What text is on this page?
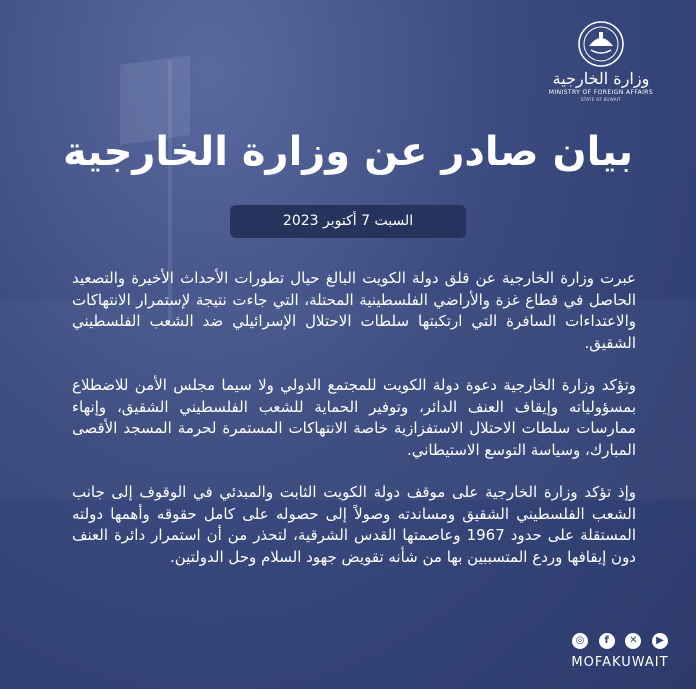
وزارة الخارجية
MINISTRY OF FOREIGN AFFAIRS
STATE OF KUWAIT
بيان صادر عن وزارة الخارجية
السبت 7 أكتوبر 2023

عبرت وزارة الخارجية عن قلق دولة الكويت البالغ حيال تطورات الأحداث الأخيرة والتصعيد الحاصل في قطاع غزة والأراضي الفلسطينية المحتلة، التي جاءت نتيجة لإستمرار الانتهاكات والاعتداءات السافرة التي ارتكبتها سلطات الاحتلال الإسرائيلي ضد الشعب الفلسطيني الشقيق.

وتؤكد وزارة الخارجية دعوة دولة الكويت للمجتمع الدولي ولا سيما مجلس الأمن للاضطلاع بمسؤولياته وإيقاف العنف الدائر، وتوفير الحماية للشعب الفلسطيني الشقيق، وإنهاء ممارسات سلطات الاحتلال الاستفزازية خاصة الانتهاكات المستمرة لحرمة المسجد الأقصى المبارك، وسياسة التوسع الاستيطاني.

وإذ تؤكد وزارة الخارجية على موقف دولة الكويت الثابت والمبدئي في الوقوف إلى جانب الشعب الفلسطيني الشقيق ومساندته وصولاً إلى حصوله على كامل حقوقه وأهمها دولته المستقلة على حدود 1967 وعاصمتها القدس الشرقية، لتحذر من أن استمرار دائرة العنف دون إيقافها وردع المتسببين بها من شأنه تقويض جهود السلام وحل الدولتين.

◎	f	✕	▶
MOFAKUWAIT
